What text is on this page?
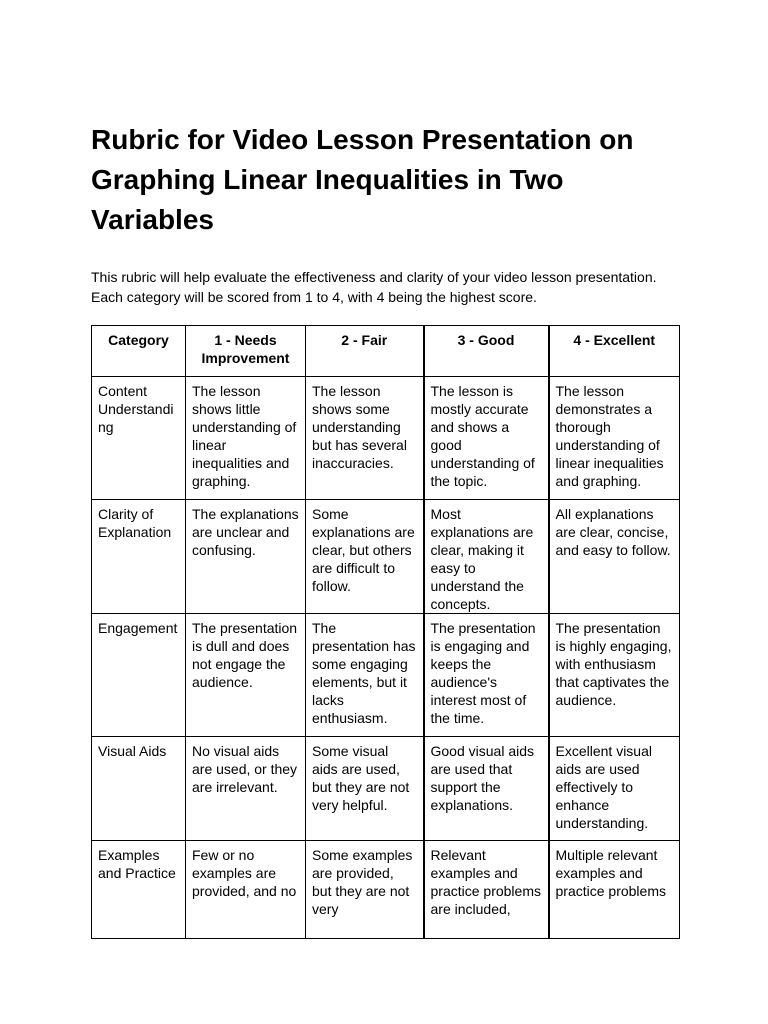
Rubric for Video Lesson Presentation on Graphing Linear Inequalities in Two Variables

This rubric will help evaluate the effectiveness and clarity of your video lesson presentation. Each category will be scored from 1 to 4, with 4 being the highest score.

Category	1 - Needs Improvement	2 - Fair	3 - Good	4 - Excellent
Content Understanding	The lesson shows little understanding of linear inequalities and graphing.	The lesson shows some understanding but has several inaccuracies.	The lesson is mostly accurate and shows a good understanding of the topic.	The lesson demonstrates a thorough understanding of linear inequalities and graphing.
Clarity of Explanation	The explanations are unclear and confusing.	Some explanations are clear, but others are difficult to follow.	Most explanations are clear, making it easy to understand the concepts.	All explanations are clear, concise, and easy to follow.
Engagement	The presentation is dull and does not engage the audience.	The presentation has some engaging elements, but it lacks enthusiasm.	The presentation is engaging and keeps the audience's interest most of the time.	The presentation is highly engaging, with enthusiasm that captivates the audience.
Visual Aids	No visual aids are used, or they are irrelevant.	Some visual aids are used, but they are not very helpful.	Good visual aids are used that support the explanations.	Excellent visual aids are used effectively to enhance understanding.
Examples and Practice	Few or no examples are provided, and no	Some examples are provided, but they are not very	Relevant examples and practice problems are included,	Multiple relevant examples and practice problems
